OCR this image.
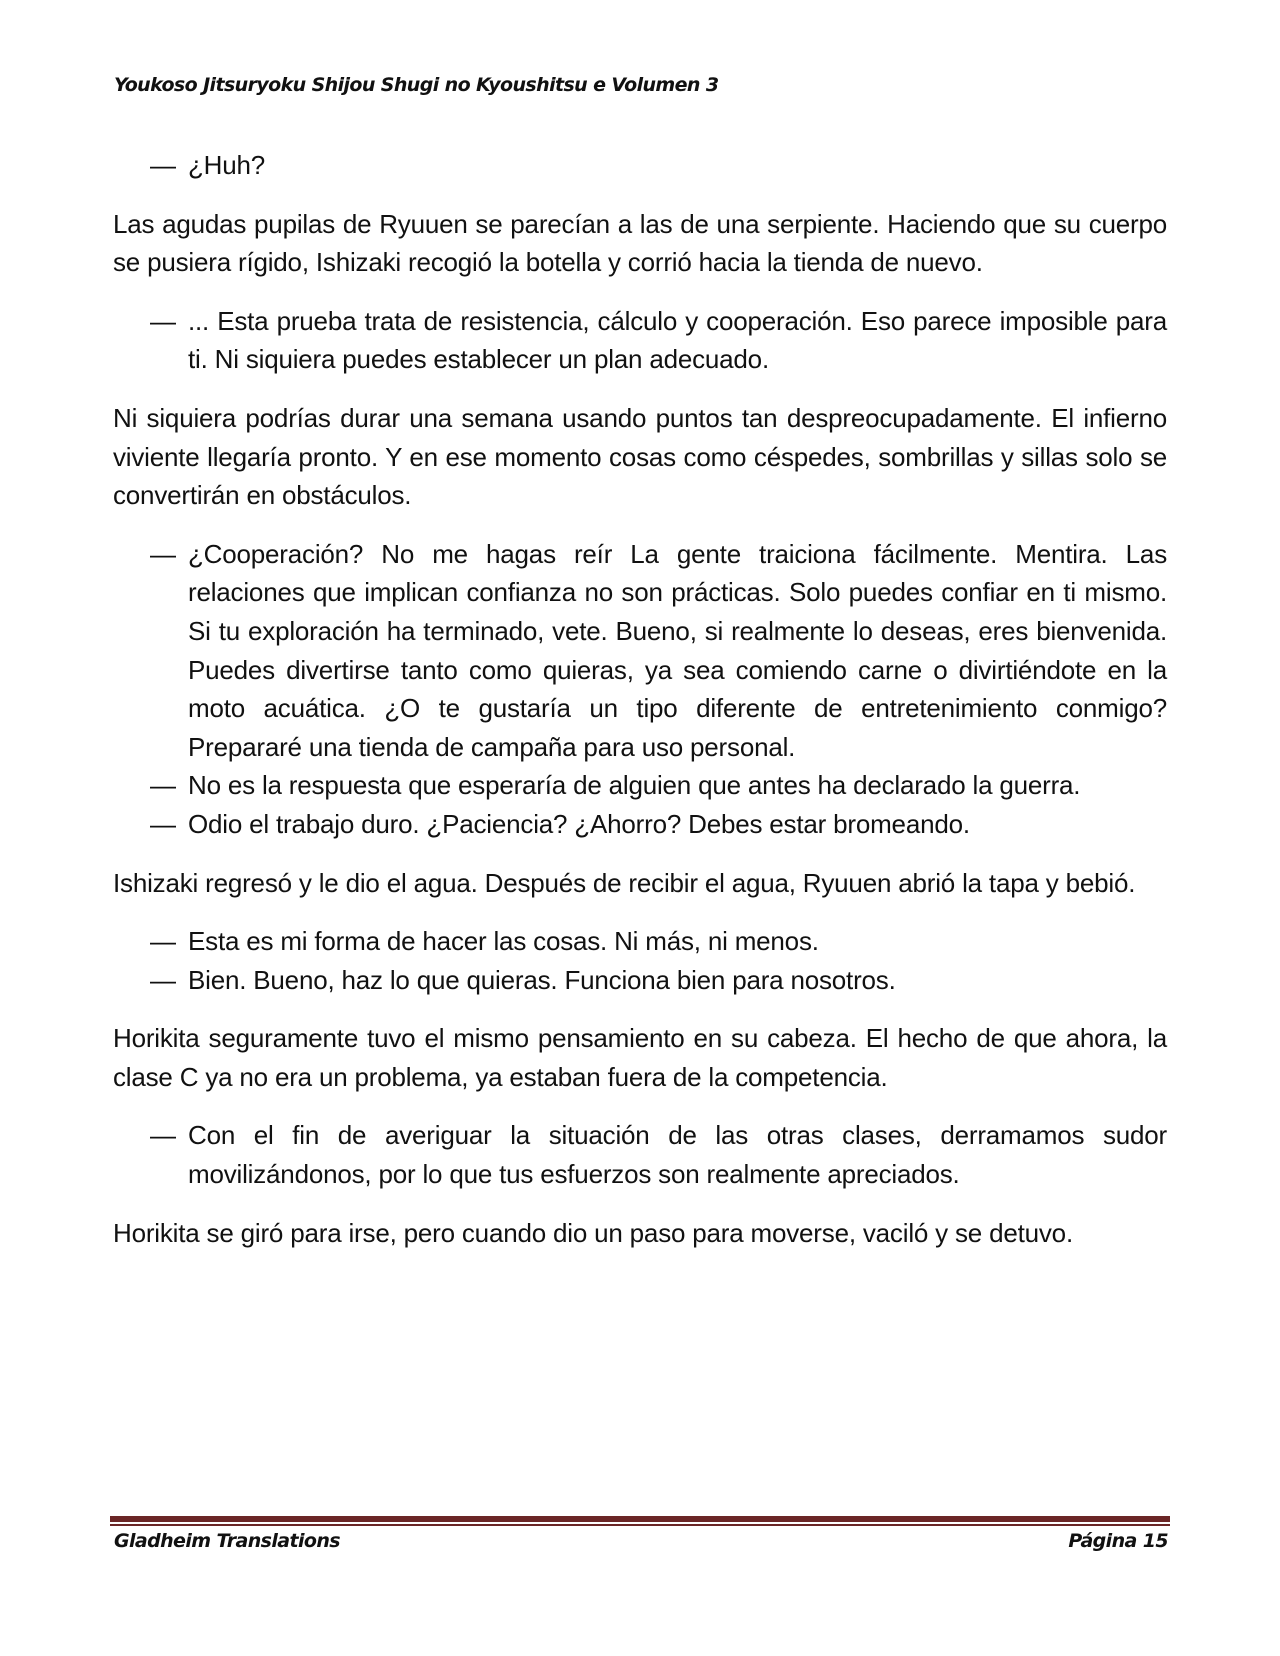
Youkoso Jitsuryoku Shijou Shugi no Kyoushitsu e Volumen 3

— ¿Huh?

Las agudas pupilas de Ryuuen se parecían a las de una serpiente. Haciendo que su cuerpo se pusiera rígido, Ishizaki recogió la botella y corrió hacia la tienda de nuevo.

— ... Esta prueba trata de resistencia, cálculo y cooperación. Eso parece imposible para ti. Ni siquiera puedes establecer un plan adecuado.

Ni siquiera podrías durar una semana usando puntos tan despreocupadamente. El infierno viviente llegaría pronto. Y en ese momento cosas como céspedes, sombrillas y sillas solo se convertirán en obstáculos.

— ¿Cooperación? No me hagas reír La gente traiciona fácilmente. Mentira. Las relaciones que implican confianza no son prácticas. Solo puedes confiar en ti mismo. Si tu exploración ha terminado, vete. Bueno, si realmente lo deseas, eres bienvenida. Puedes divertirse tanto como quieras, ya sea comiendo carne o divirtiéndote en la moto acuática. ¿O te gustaría un tipo diferente de entretenimiento conmigo? Prepararé una tienda de campaña para uso personal.

— No es la respuesta que esperaría de alguien que antes ha declarado la guerra.

— Odio el trabajo duro. ¿Paciencia? ¿Ahorro? Debes estar bromeando.

Ishizaki regresó y le dio el agua. Después de recibir el agua, Ryuuen abrió la tapa y bebió.

— Esta es mi forma de hacer las cosas. Ni más, ni menos.

— Bien. Bueno, haz lo que quieras. Funciona bien para nosotros.

Horikita seguramente tuvo el mismo pensamiento en su cabeza. El hecho de que ahora, la clase C ya no era un problema, ya estaban fuera de la competencia.

— Con el fin de averiguar la situación de las otras clases, derramamos sudor movilizándonos, por lo que tus esfuerzos son realmente apreciados.

Horikita se giró para irse, pero cuando dio un paso para moverse, vaciló y se detuvo.

Gladheim Translations	Página 15
